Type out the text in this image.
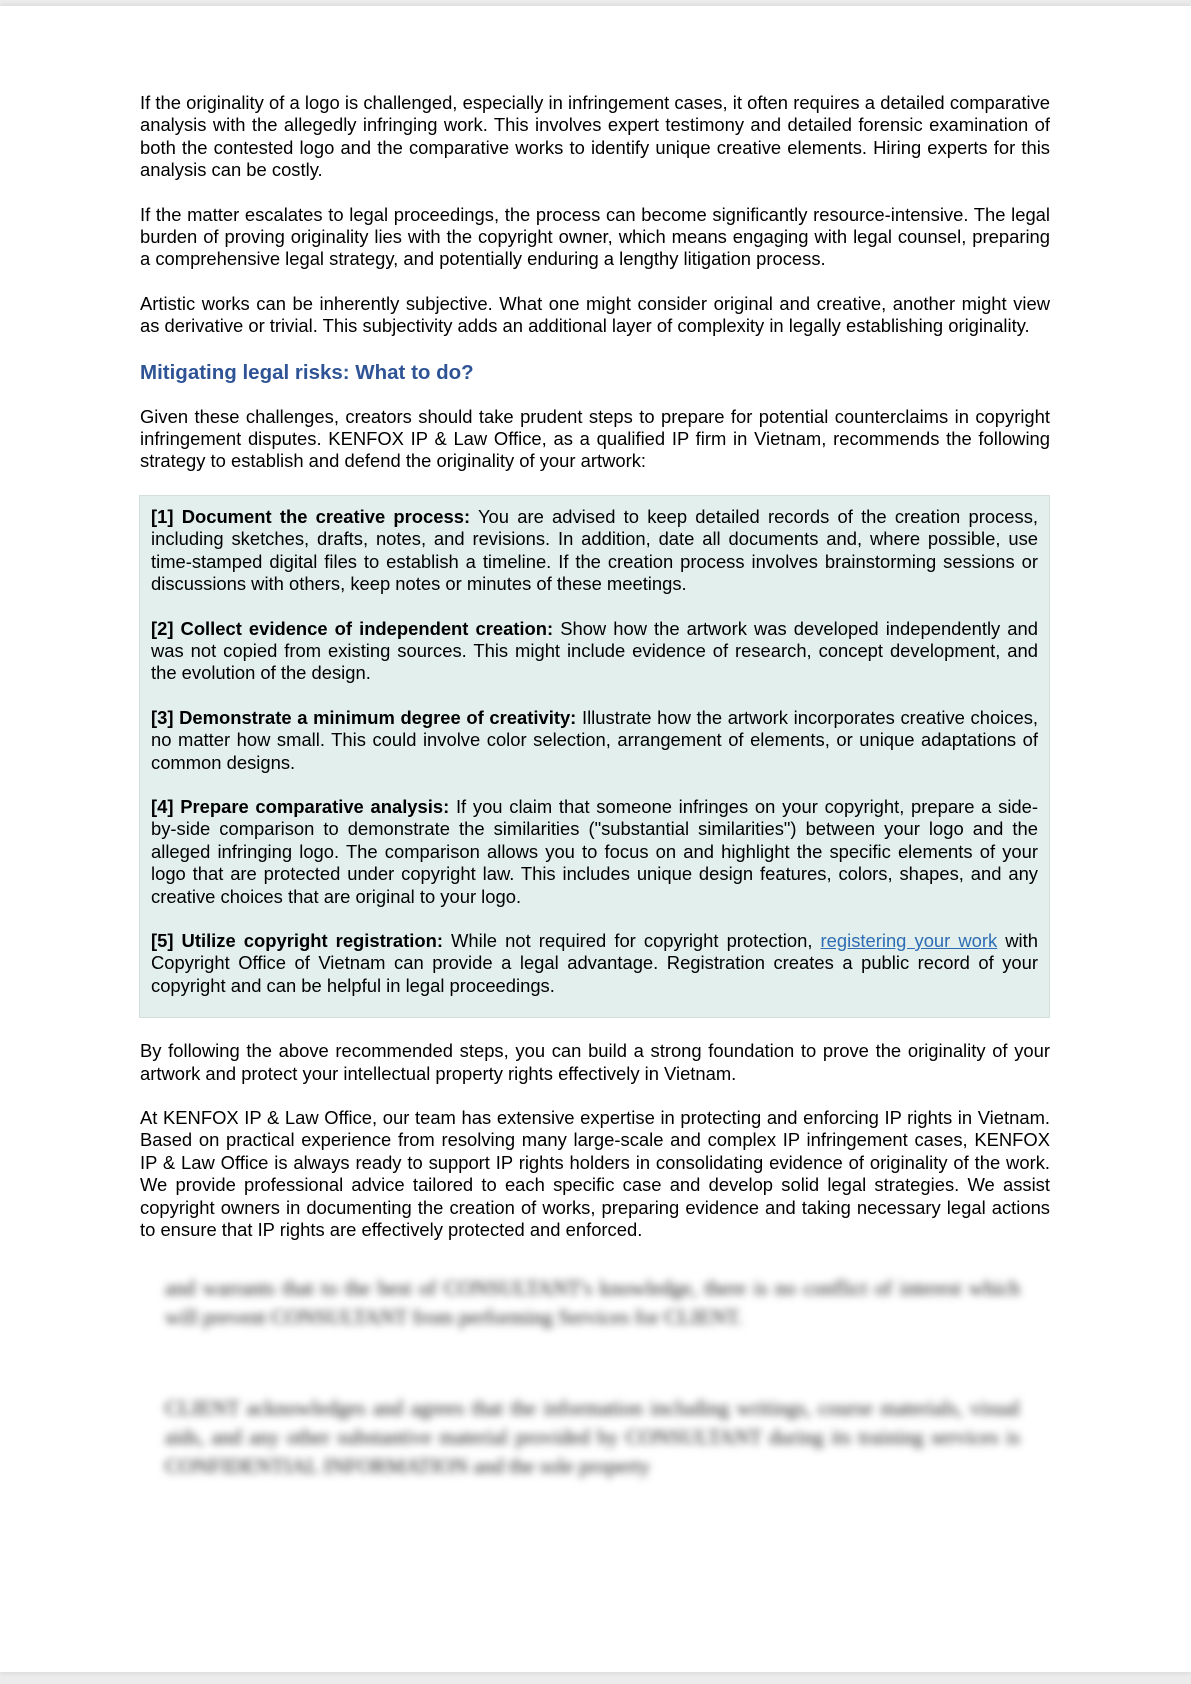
If the originality of a logo is challenged, especially in infringement cases, it often requires a detailed comparative analysis with the allegedly infringing work. This involves expert testimony and detailed forensic examination of both the contested logo and the comparative works to identify unique creative elements. Hiring experts for this analysis can be costly.

If the matter escalates to legal proceedings, the process can become significantly resource-intensive. The legal burden of proving originality lies with the copyright owner, which means engaging with legal counsel, preparing a comprehensive legal strategy, and potentially enduring a lengthy litigation process.

Artistic works can be inherently subjective. What one might consider original and creative, another might view as derivative or trivial. This subjectivity adds an additional layer of complexity in legally establishing originality.

Mitigating legal risks: What to do?

Given these challenges, creators should take prudent steps to prepare for potential counterclaims in copyright infringement disputes. KENFOX IP & Law Office, as a qualified IP firm in Vietnam, recommends the following strategy to establish and defend the originality of your artwork:

[1] Document the creative process: You are advised to keep detailed records of the creation process, including sketches, drafts, notes, and revisions. In addition, date all documents and, where possible, use time-stamped digital files to establish a timeline. If the creation process involves brainstorming sessions or discussions with others, keep notes or minutes of these meetings.

[2] Collect evidence of independent creation: Show how the artwork was developed independently and was not copied from existing sources. This might include evidence of research, concept development, and the evolution of the design.

[3] Demonstrate a minimum degree of creativity: Illustrate how the artwork incorporates creative choices, no matter how small. This could involve color selection, arrangement of elements, or unique adaptations of common designs.

[4] Prepare comparative analysis: If you claim that someone infringes on your copyright, prepare a side-by-side comparison to demonstrate the similarities ("substantial similarities") between your logo and the alleged infringing logo. The comparison allows you to focus on and highlight the specific elements of your logo that are protected under copyright law. This includes unique design features, colors, shapes, and any creative choices that are original to your logo.

[5] Utilize copyright registration: While not required for copyright protection, registering your work with Copyright Office of Vietnam can provide a legal advantage. Registration creates a public record of your copyright and can be helpful in legal proceedings.

By following the above recommended steps, you can build a strong foundation to prove the originality of your artwork and protect your intellectual property rights effectively in Vietnam.

At KENFOX IP & Law Office, our team has extensive expertise in protecting and enforcing IP rights in Vietnam. Based on practical experience from resolving many large-scale and complex IP infringement cases, KENFOX IP & Law Office is always ready to support IP rights holders in consolidating evidence of originality of the work. We provide professional advice tailored to each specific case and develop solid legal strategies. We assist copyright owners in documenting the creation of works, preparing evidence and taking necessary legal actions to ensure that IP rights are effectively protected and enforced.

and warrants that to the best of CONSULTANT's knowledge, there is no conflict of interest which will prevent CONSULTANT from performing Services for CLIENT.
CLIENT acknowledges and agrees that the information including writings, course materials, visual aids, and any other substantive material provided by CONSULTANT during its training services is CONFIDENTIAL INFORMATION and the sole property
